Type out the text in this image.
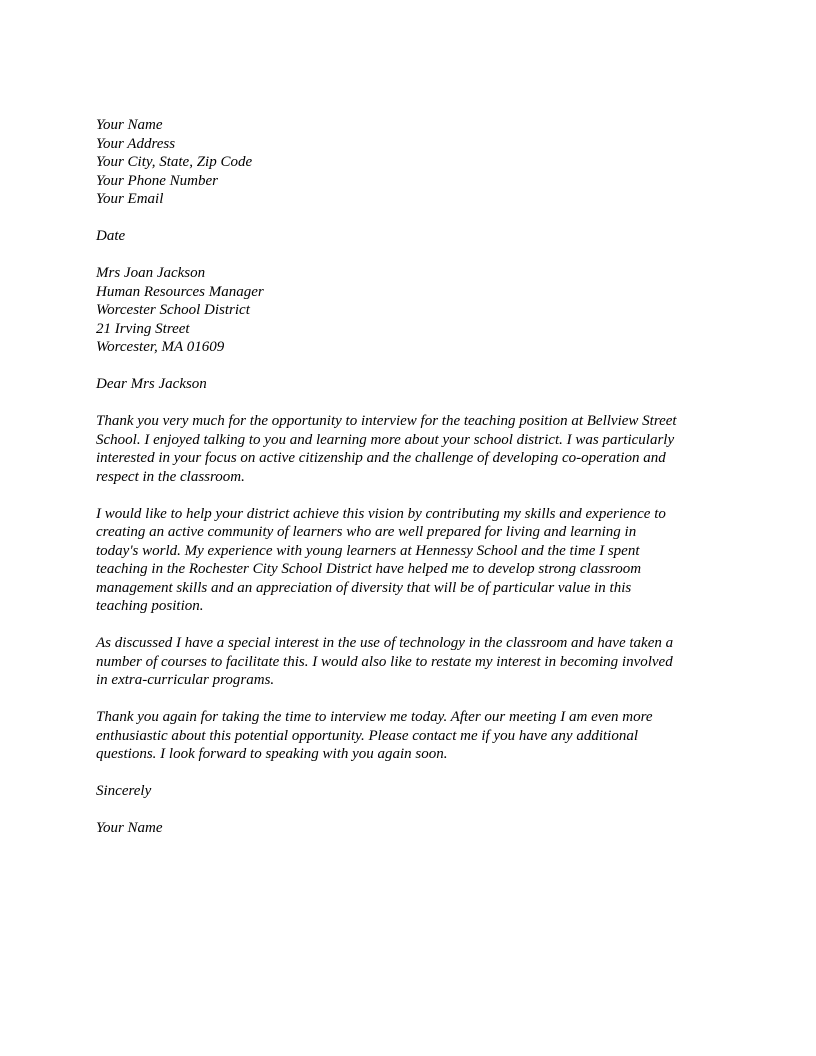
Your Name
Your Address
Your City, State, Zip Code
Your Phone Number
Your Email
Date
Mrs Joan Jackson
Human Resources Manager
Worcester School District
21 Irving Street
Worcester, MA 01609
Dear Mrs Jackson
Thank you very much for the opportunity to interview for the teaching position at Bellview Street
School. I enjoyed talking to you and learning more about your school district. I was particularly
interested in your focus on active citizenship and the challenge of developing co-operation and
respect in the classroom.
I would like to help your district achieve this vision by contributing my skills and experience to
creating an active community of learners who are well prepared for living and learning in
today's world. My experience with young learners at Hennessy School and the time I spent
teaching in the Rochester City School District have helped me to develop strong classroom
management skills and an appreciation of diversity that will be of particular value in this
teaching position.
As discussed I have a special interest in the use of technology in the classroom and have taken a
number of courses to facilitate this. I would also like to restate my interest in becoming involved
in extra-curricular programs.
Thank you again for taking the time to interview me today. After our meeting I am even more
enthusiastic about this potential opportunity. Please contact me if you have any additional
questions. I look forward to speaking with you again soon.
Sincerely
Your Name
